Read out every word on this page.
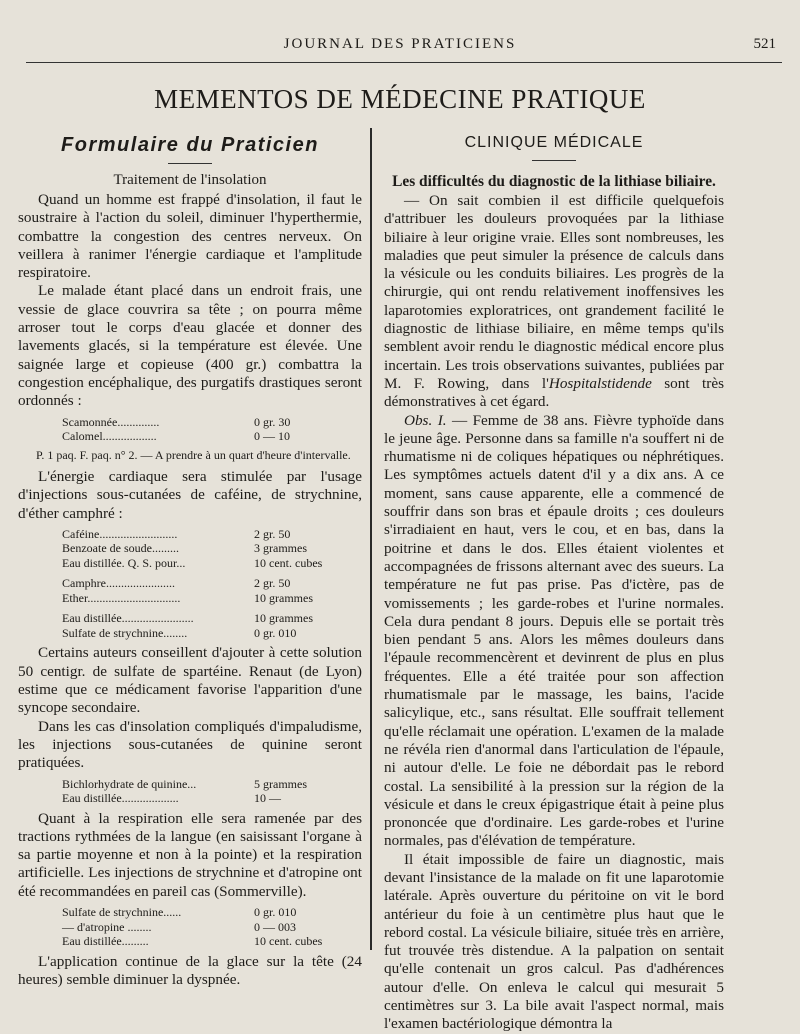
JOURNAL DES PRATICIENS	521
MEMENTOS DE MÉDECINE PRATIQUE
Formulaire du Praticien
Traitement de l'insolation

Quand un homme est frappé d'insolation, il faut le soustraire à l'action du soleil, diminuer l'hyperthermie, combattre la congestion des centres nerveux. On veillera à ranimer l'énergie cardiaque et l'amplitude respiratoire.

Le malade étant placé dans un endroit frais, une vessie de glace couvrira sa tête ; on pourra même arroser tout le corps d'eau glacée et donner des lavements glacés, si la température est élevée. Une saignée large et copieuse (400 gr.) combattra la congestion encéphalique, des purgatifs drastiques seront ordonnés :

Scamonnée..............	0 gr. 30
Calomel..................	0 — 10
P. 1 paq. F. paq. n° 2. — A prendre à un quart d'heure d'intervalle.

L'énergie cardiaque sera stimulée par l'usage d'injections sous-cutanées de caféine, de strychnine, d'éther camphré :

Caféine..........................	2 gr. 50
Benzoate de soude.........	3 grammes
Eau distillée. Q. S. pour...	10 cent. cubes
Camphre.......................	2 gr. 50
Ether...............................	10 grammes
Eau distillée........................	10 grammes
Sulfate de strychnine........	0 gr. 010

Certains auteurs conseillent d'ajouter à cette solution 50 centigr. de sulfate de spartéine. Renaut (de Lyon) estime que ce médicament favorise l'apparition d'une syncope secondaire.

Dans les cas d'insolation compliqués d'impaludisme, les injections sous-cutanées de quinine seront pratiquées.

Bichlorhydrate de quinine...	5 grammes
Eau distillée...................	10 —

Quant à la respiration elle sera ramenée par des tractions rythmées de la langue (en saisissant l'organe à sa partie moyenne et non à la pointe) et la respiration artificielle. Les injections de strychnine et d'atropine ont été recommandées en pareil cas (Sommerville).

Sulfate de strychnine......	0 gr. 010
— d'atropine ........	0 — 003
Eau distillée.........	10 cent. cubes

L'application continue de la glace sur la tête (24 heures) semble diminuer la dyspnée.

CLINIQUE MÉDICALE
Les difficultés du diagnostic de la lithiase biliaire.

— On sait combien il est difficile quelquefois d'attribuer les douleurs provoquées par la lithiase biliaire à leur origine vraie. Elles sont nombreuses, les maladies que peut simuler la présence de calculs dans la vésicule ou les conduits biliaires. Les progrès de la chirurgie, qui ont rendu relativement inoffensives les laparotomies exploratrices, ont grandement facilité le diagnostic de lithiase biliaire, en même temps qu'ils semblent avoir rendu le diagnostic médical encore plus incertain. Les trois observations suivantes, publiées par M. F. Rowing, dans l'Hospitalstidende sont très démonstratives à cet égard.

Obs. I. — Femme de 38 ans. Fièvre typhoïde dans le jeune âge. Personne dans sa famille n'a souffert ni de rhumatisme ni de coliques hépatiques ou néphrétiques. Les symptômes actuels datent d'il y a dix ans. A ce moment, sans cause apparente, elle a commencé de souffrir dans son bras et épaule droits ; ces douleurs s'irradiaient en haut, vers le cou, et en bas, dans la poitrine et dans le dos. Elles étaient violentes et accompagnées de frissons alternant avec des sueurs. La température ne fut pas prise. Pas d'ictère, pas de vomissements ; les garde-robes et l'urine normales. Cela dura pendant 8 jours. Depuis elle se portait très bien pendant 5 ans. Alors les mêmes douleurs dans l'épaule recommencèrent et devinrent de plus en plus fréquentes. Elle a été traitée pour son affection rhumatismale par le massage, les bains, l'acide salicylique, etc., sans résultat. Elle souffrait tellement qu'elle réclamait une opération. L'examen de la malade ne révéla rien d'anormal dans l'articulation de l'épaule, ni autour d'elle. Le foie ne débordait pas le rebord costal. La sensibilité à la pression sur la région de la vésicule et dans le creux épigastrique était à peine plus prononcée que d'ordinaire. Les garde-robes et l'urine normales, pas d'élévation de température.

Il était impossible de faire un diagnostic, mais devant l'insistance de la malade on fit une laparotomie latérale. Après ouverture du péritoine on vit le bord antérieur du foie à un centimètre plus haut que le rebord costal. La vésicule biliaire, située très en arrière, fut trouvée très distendue. A la palpation on sentait qu'elle contenait un gros calcul. Pas d'adhérences autour d'elle. On enleva le calcul qui mesurait 5 centimètres sur 3. La bile avait l'aspect normal, mais l'examen bactériologique démontra la
